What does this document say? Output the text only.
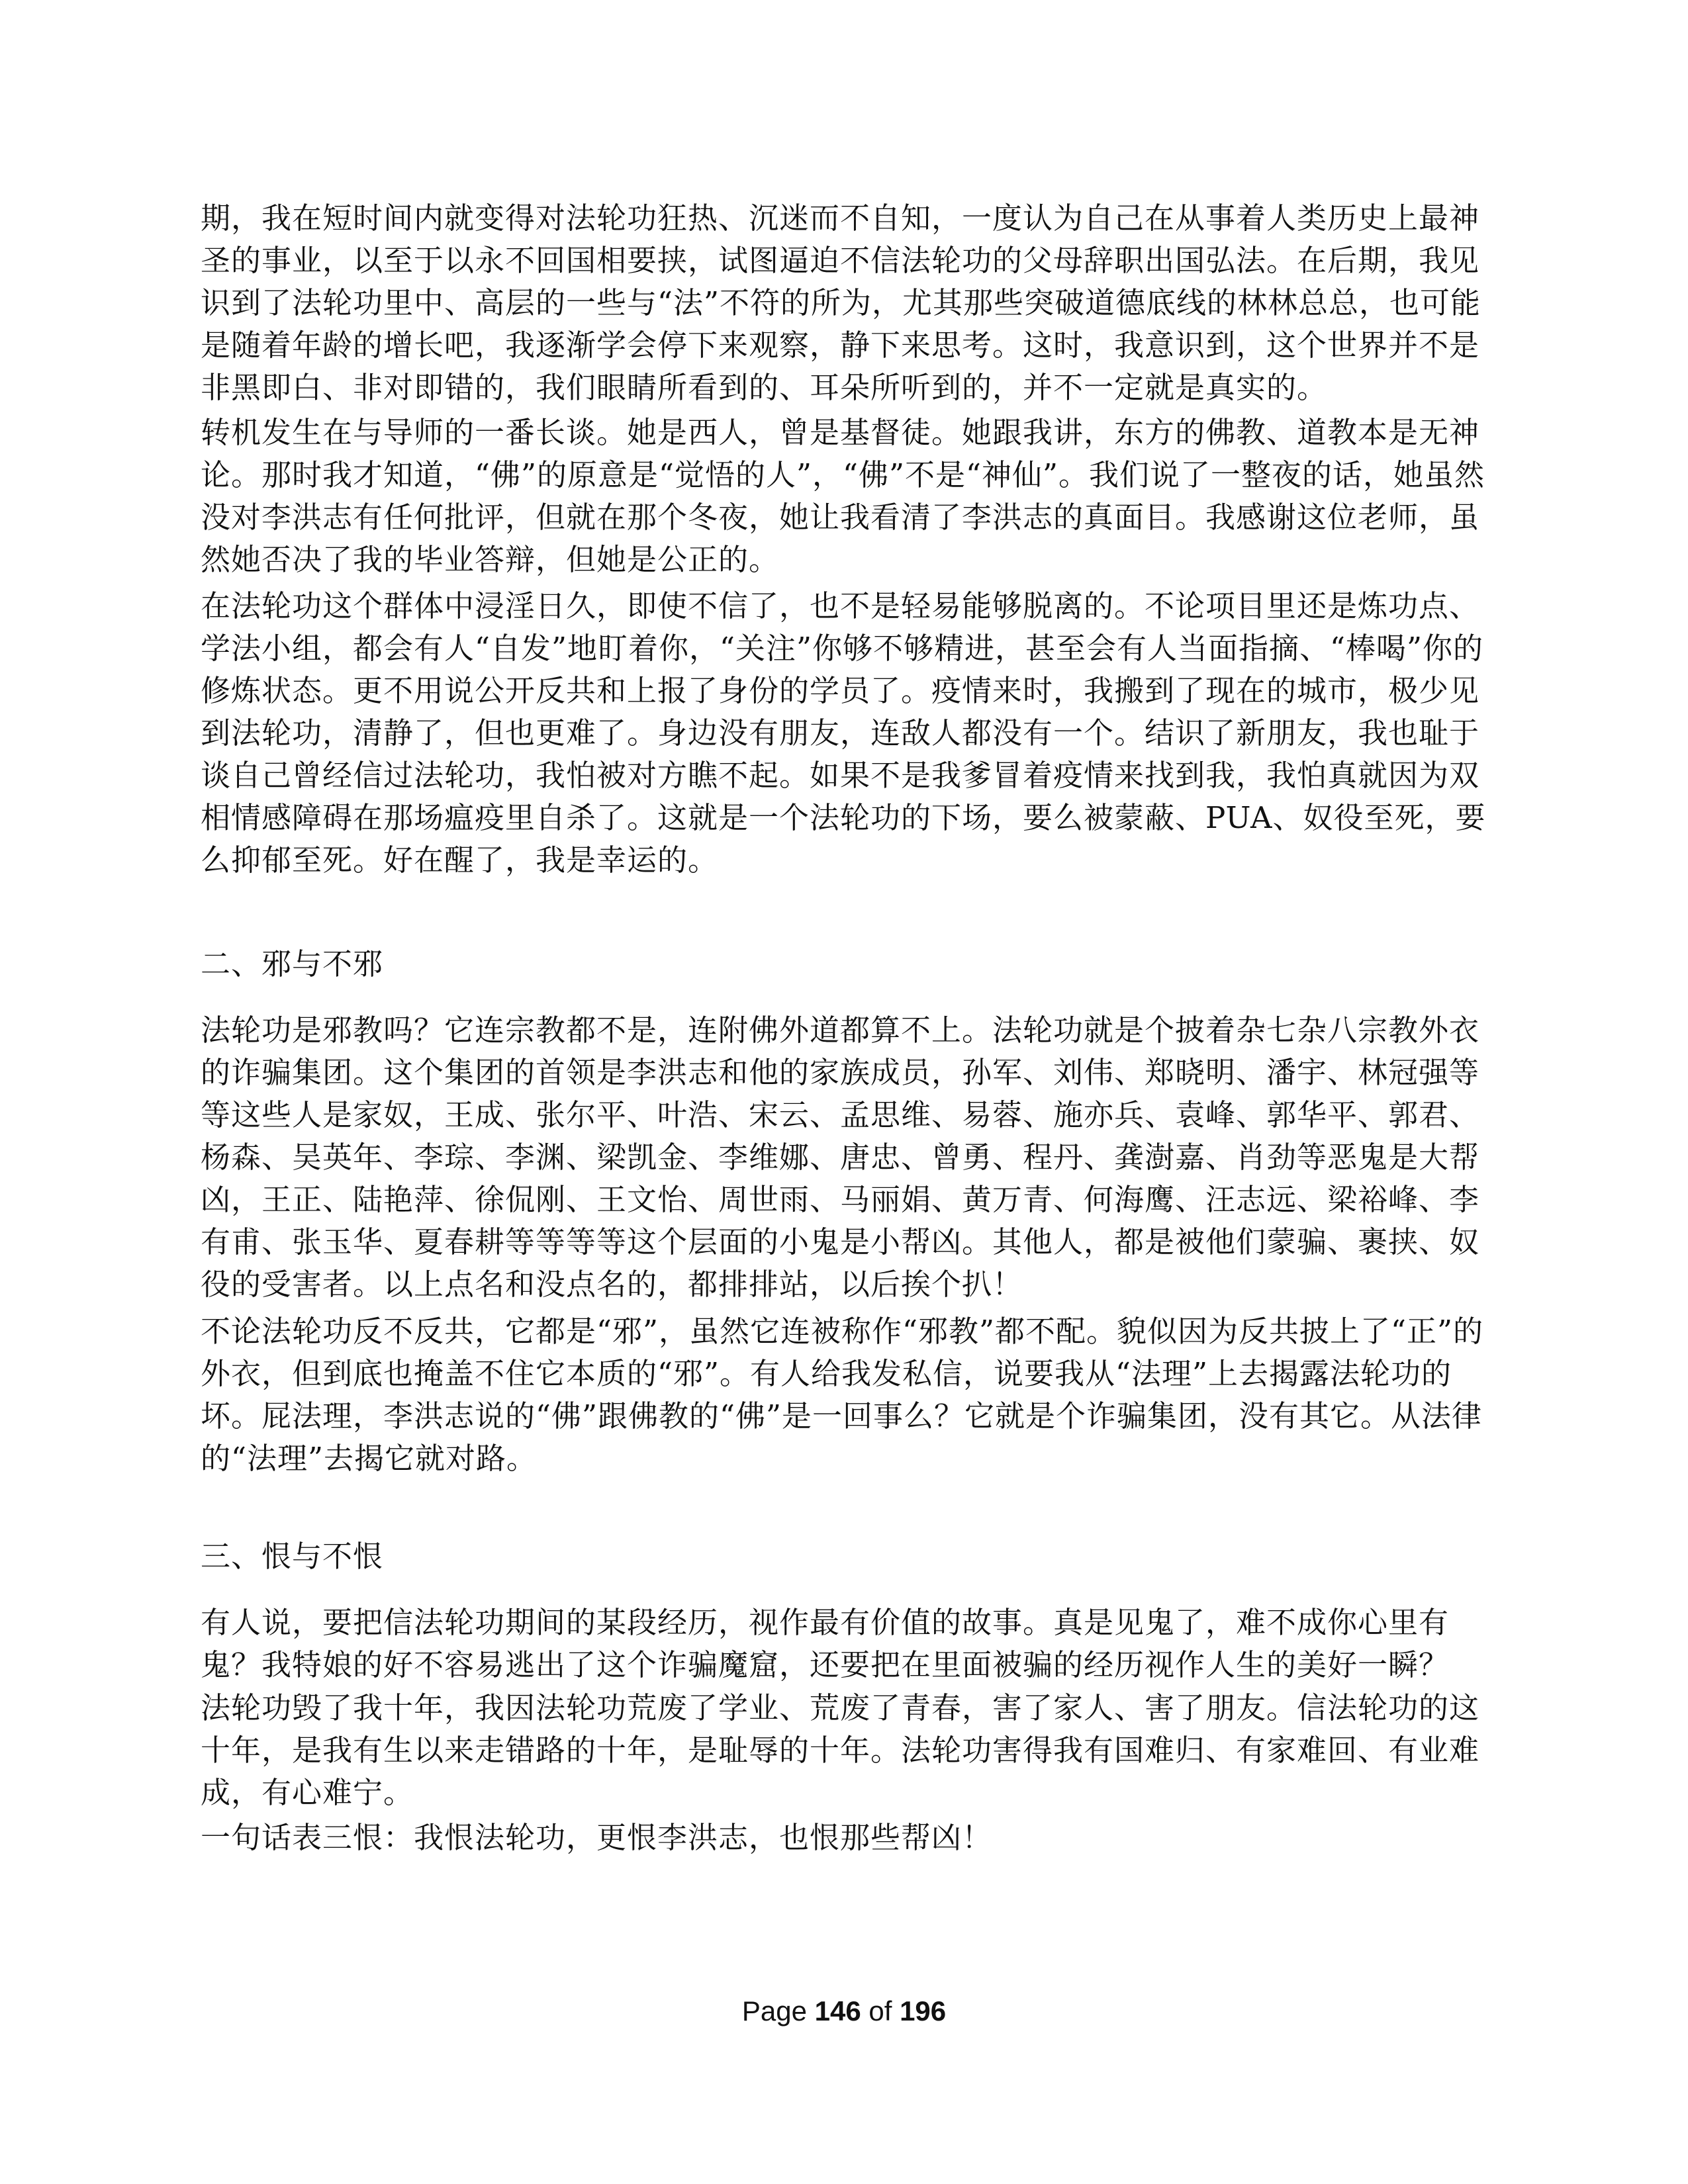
期，我在短时间内就变得对法轮功狂热、沉迷而不自知，一度认为自己在从事着人类历史上最神圣的事业，以至于以永不回国相要挟，试图逼迫不信法轮功的父母辞职出国弘法。在后期，我见识到了法轮功里中、高层的一些与“法”不符的所为，尤其那些突破道德底线的林林总总，也可能是随着年龄的增长吧，我逐渐学会停下来观察，静下来思考。这时，我意识到，这个世界并不是非黑即白、非对即错的，我们眼睛所看到的、耳朵所听到的，并不一定就是真实的。

转机发生在与导师的一番长谈。她是西人，曾是基督徒。她跟我讲，东方的佛教、道教本是无神论。那时我才知道，“佛”的原意是“觉悟的人”，“佛”不是“神仙”。我们说了一整夜的话，她虽然没对李洪志有任何批评，但就在那个冬夜，她让我看清了李洪志的真面目。我感谢这位老师，虽然她否决了我的毕业答辩，但她是公正的。

在法轮功这个群体中浸淫日久，即使不信了，也不是轻易能够脱离的。不论项目里还是炼功点、学法小组，都会有人“自发”地盯着你，“关注”你够不够精进，甚至会有人当面指摘、“棒喝”你的修炼状态。更不用说公开反共和上报了身份的学员了。疫情来时，我搬到了现在的城市，极少见到法轮功，清静了，但也更难了。身边没有朋友，连敌人都没有一个。结识了新朋友，我也耻于谈自己曾经信过法轮功，我怕被对方瞧不起。如果不是我爹冒着疫情来找到我，我怕真就因为双相情感障碍在那场瘟疫里自杀了。这就是一个法轮功的下场，要么被蒙蔽、PUA、奴役至死，要么抑郁至死。好在醒了，我是幸运的。

二、邪与不邪

法轮功是邪教吗？它连宗教都不是，连附佛外道都算不上。法轮功就是个披着杂七杂八宗教外衣的诈骗集团。这个集团的首领是李洪志和他的家族成员，孙军、刘伟、郑晓明、潘宇、林冠强等等这些人是家奴，王成、张尔平、叶浩、宋云、孟思维、易蓉、施亦兵、袁峰、郭华平、郭君、杨森、吴英年、李琮、李渊、梁凯金、李维娜、唐忠、曾勇、程丹、龚澍嘉、肖劲等恶鬼是大帮凶，王正、陆艳萍、徐侃刚、王文怡、周世雨、马丽娟、黄万青、何海鹰、汪志远、梁裕峰、李有甫、张玉华、夏春耕等等等等这个层面的小鬼是小帮凶。其他人，都是被他们蒙骗、裹挟、奴役的受害者。以上点名和没点名的，都排排站，以后挨个扒！

不论法轮功反不反共，它都是“邪”，虽然它连被称作“邪教”都不配。貌似因为反共披上了“正”的外衣，但到底也掩盖不住它本质的“邪”。有人给我发私信，说要我从“法理”上去揭露法轮功的坏。屁法理，李洪志说的“佛”跟佛教的“佛”是一回事么？它就是个诈骗集团，没有其它。从法律的“法理”去揭它就对路。

三、恨与不恨

有人说，要把信法轮功期间的某段经历，视作最有价值的故事。真是见鬼了，难不成你心里有鬼？我特娘的好不容易逃出了这个诈骗魔窟，还要把在里面被骗的经历视作人生的美好一瞬？

法轮功毁了我十年，我因法轮功荒废了学业、荒废了青春，害了家人、害了朋友。信法轮功的这十年，是我有生以来走错路的十年，是耻辱的十年。法轮功害得我有国难归、有家难回、有业难成，有心难宁。

一句话表三恨：我恨法轮功，更恨李洪志，也恨那些帮凶！

Page 146 of 196
